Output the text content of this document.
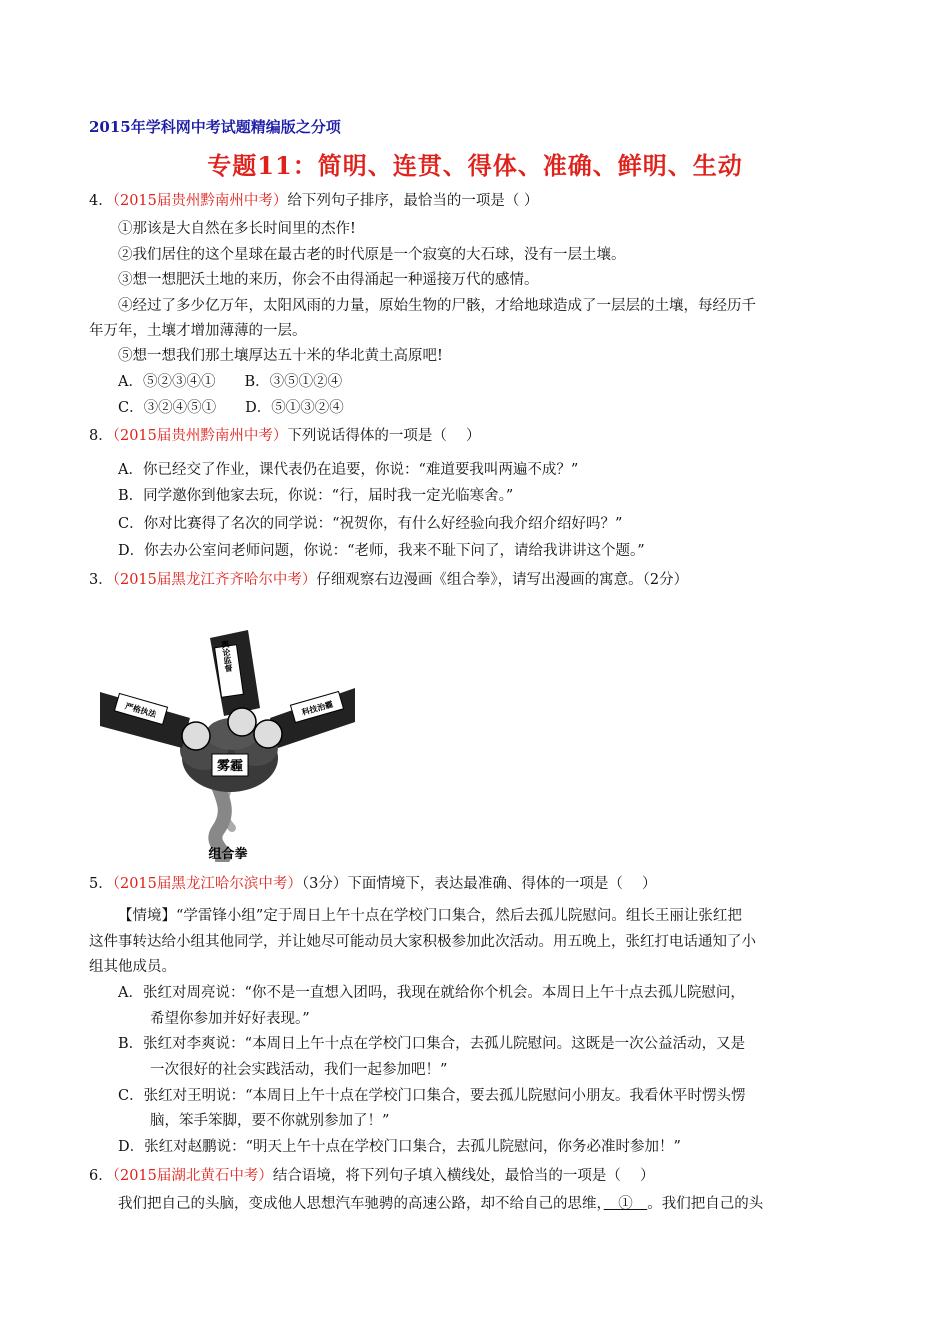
2015年学科网中考试题精编版之分项
专题11：简明、连贯、得体、准确、鲜明、生动
4．（2015届贵州黔南州中考）给下列句子排序，最恰当的一项是（ ）
①那该是大自然在多长时间里的杰作!
②我们居住的这个星球在最古老的时代原是一个寂寞的大石球，没有一层土壤。
③想一想肥沃土地的来历，你会不由得涌起一种遥接万代的感情。
④经过了多少亿万年，太阳风雨的力量，原始生物的尸骸，才给地球造成了一层层的土壤，每经历千
年万年，土壤才增加薄薄的一层。
⑤想一想我们那土壤厚达五十米的华北黄土高原吧!
A．⑤②③④①　　B．③⑤①②④
C．③②④⑤①　　D．⑤①③②④
8．（2015届贵州黔南州中考）下列说话得体的一项是（　 ）
A．你已经交了作业，课代表仍在追要，你说：“难道要我叫两遍不成？”
B．同学邀你到他家去玩，你说：“行，届时我一定光临寒舍。”
C．你对比赛得了名次的同学说：“祝贺你，有什么好经验向我介绍介绍好吗？”
D．你去办公室问老师问题，你说：“老师，我来不耻下问了，请给我讲讲这个题。”
3．（2015届黑龙江齐齐哈尔中考）仔细观察右边漫画《组合拳》，请写出漫画的寓意。（2分）
雾霾
舆论监督
严格执法	科技治霾
组合拳
5．（2015届黑龙江哈尔滨中考）（3分）下面情境下，表达最准确、得体的一项是（　 ）
【情境】“学雷锋小组”定于周日上午十点在学校门口集合，然后去孤儿院慰问。组长王丽让张红把
这件事转达给小组其他同学，并让她尽可能动员大家积极参加此次活动。用五晚上，张红打电话通知了小
组其他成员。
A．张红对周亮说：“你不是一直想入团吗，我现在就给你个机会。本周日上午十点去孤儿院慰问，
希望你参加并好好表现。”
B．张红对李爽说：“本周日上午十点在学校门口集合，去孤儿院慰问。这既是一次公益活动，又是
一次很好的社会实践活动，我们一起参加吧！”
C．张红对王明说：“本周日上午十点在学校门口集合，要去孤儿院慰问小朋友。我看休平时愣头愣
脑，笨手笨脚，要不你就别参加了！”
D．张红对赵鹏说：“明天上午十点在学校门口集合，去孤儿院慰问，你务必准时参加！”
6．（2015届湖北黄石中考）结合语境，将下列句子填入横线处，最恰当的一项是（　 ）
我们把自己的头脑，变成他人思想汽车驰骋的高速公路，却不给自己的思维，　①　。我们把自己的头
